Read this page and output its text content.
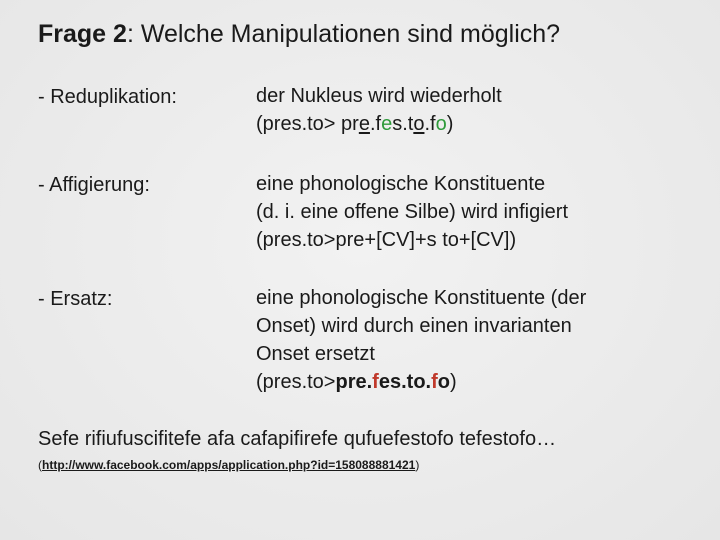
Frage 2: Welche Manipulationen sind möglich?
- Reduplikation:	der Nukleus wird wiederholt
(pres.to> pre.fes.to.fo)
- Affigierung:	eine phonologische Konstituente
(d. i. eine offene Silbe) wird infigiert
(pres.to>pre+[CV]+s to+[CV])
- Ersatz:	eine phonologische Konstituente (der
Onset) wird durch einen invarianten
Onset ersetzt
(pres.to>pre.fes.to.fo)
Sefe rifiufuscifitefe afa cafapifirefe qufuefestofo tefestofo…
(http://www.facebook.com/apps/application.php?id=158088881421)
